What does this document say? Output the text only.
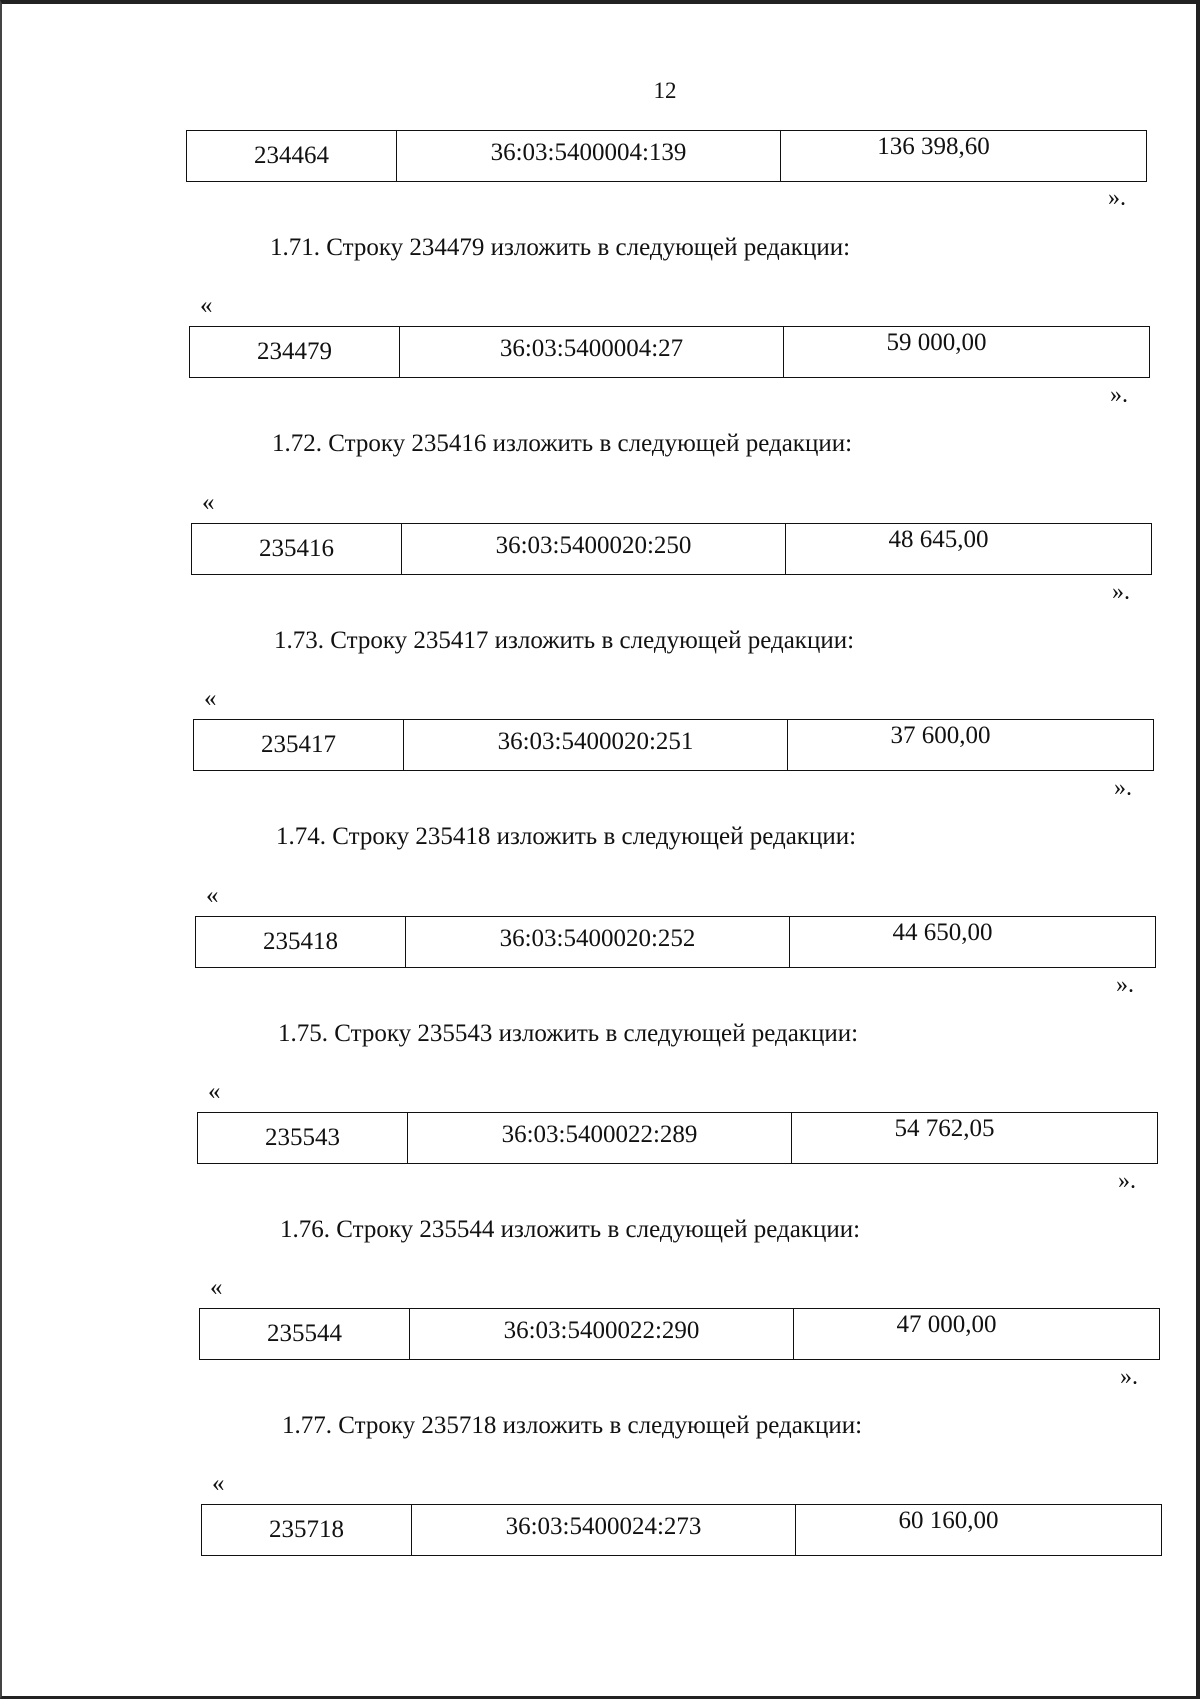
12
234464	36:03:5400004:139	136 398,60
».
1.71. Строку 234479 изложить в следующей редакции:
«
234479	36:03:5400004:27	59 000,00
».
1.72. Строку 235416 изложить в следующей редакции:
«
235416	36:03:5400020:250	48 645,00
».
1.73. Строку 235417 изложить в следующей редакции:
«
235417	36:03:5400020:251	37 600,00
».
1.74. Строку 235418 изложить в следующей редакции:
«
235418	36:03:5400020:252	44 650,00
».
1.75. Строку 235543 изложить в следующей редакции:
«
235543	36:03:5400022:289	54 762,05
».
1.76. Строку 235544 изложить в следующей редакции:
«
235544	36:03:5400022:290	47 000,00
».
1.77. Строку 235718 изложить в следующей редакции:
«
235718	36:03:5400024:273	60 160,00
